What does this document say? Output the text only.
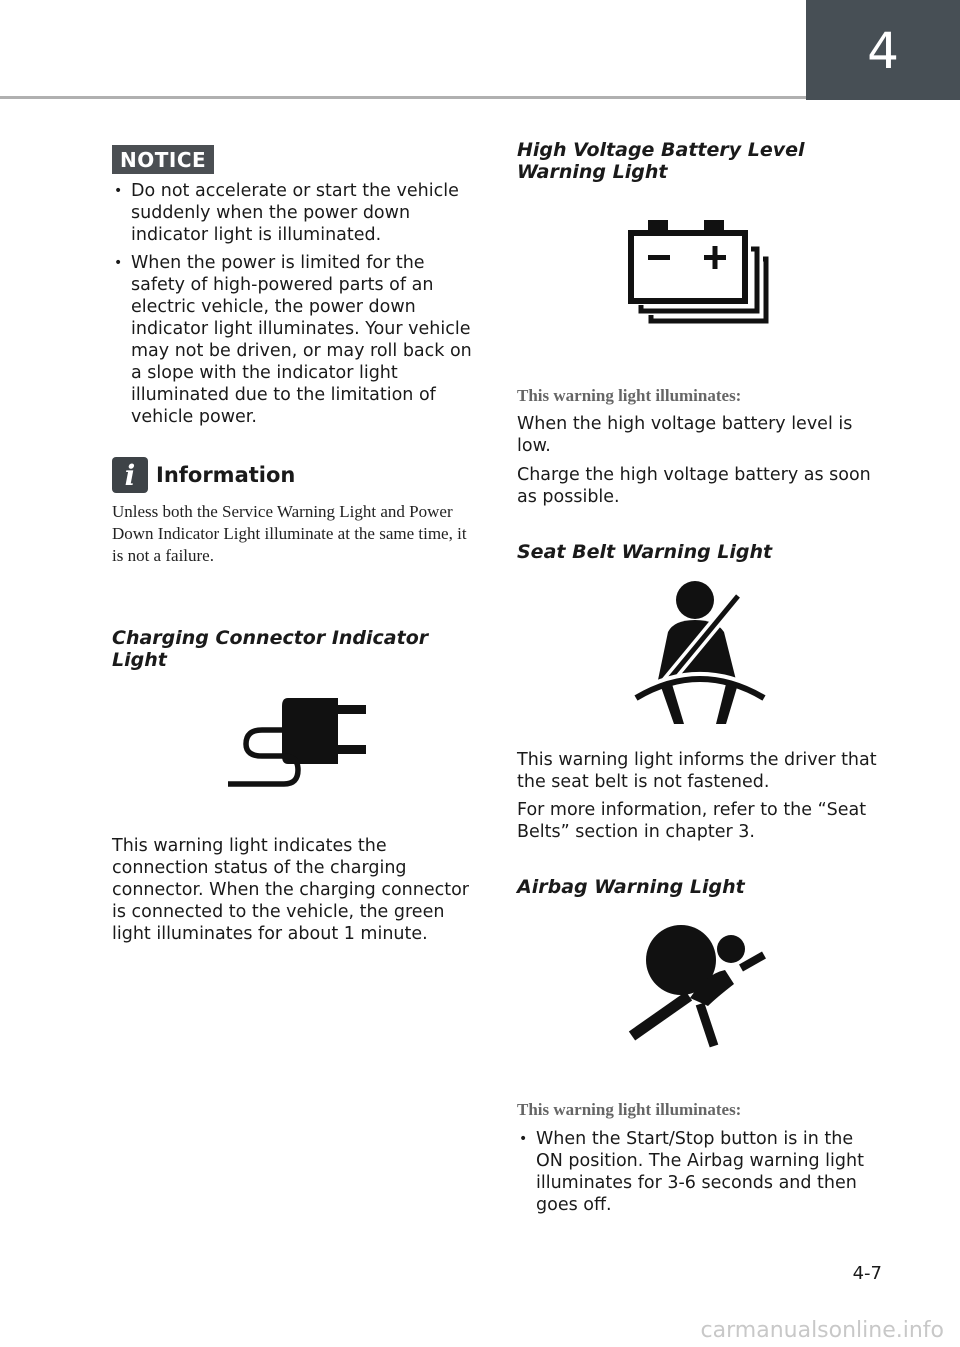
4
NOTICE
• Do not accelerate or start the vehicle suddenly when the power down indicator light is illuminated.
• When the power is limited for the safety of high-powered parts of an electric vehicle, the power down indicator light illuminates. Your vehicle may not be driven, or may roll back on a slope with the indicator light illuminated due to the limitation of vehicle power.
i Information
Unless both the Service Warning Light and Power Down Indicator Light illuminate at the same time, it is not a failure.
Charging Connector Indicator Light
This warning light indicates the connection status of the charging connector. When the charging connector is connected to the vehicle, the green light illuminates for about 1 minute.
High Voltage Battery Level Warning Light
This warning light illuminates:

When the high voltage battery level is low.

Charge the high voltage battery as soon as possible.

Seat Belt Warning Light

This warning light informs the driver that the seat belt is not fastened.

For more information, refer to the “Seat Belts” section in chapter 3.

Airbag Warning Light
This warning light illuminates:
• When the Start/Stop button is in the ON position. The Airbag warning light illuminates for 3-6 seconds and then goes off.
4-7
carmanualsonline.info
